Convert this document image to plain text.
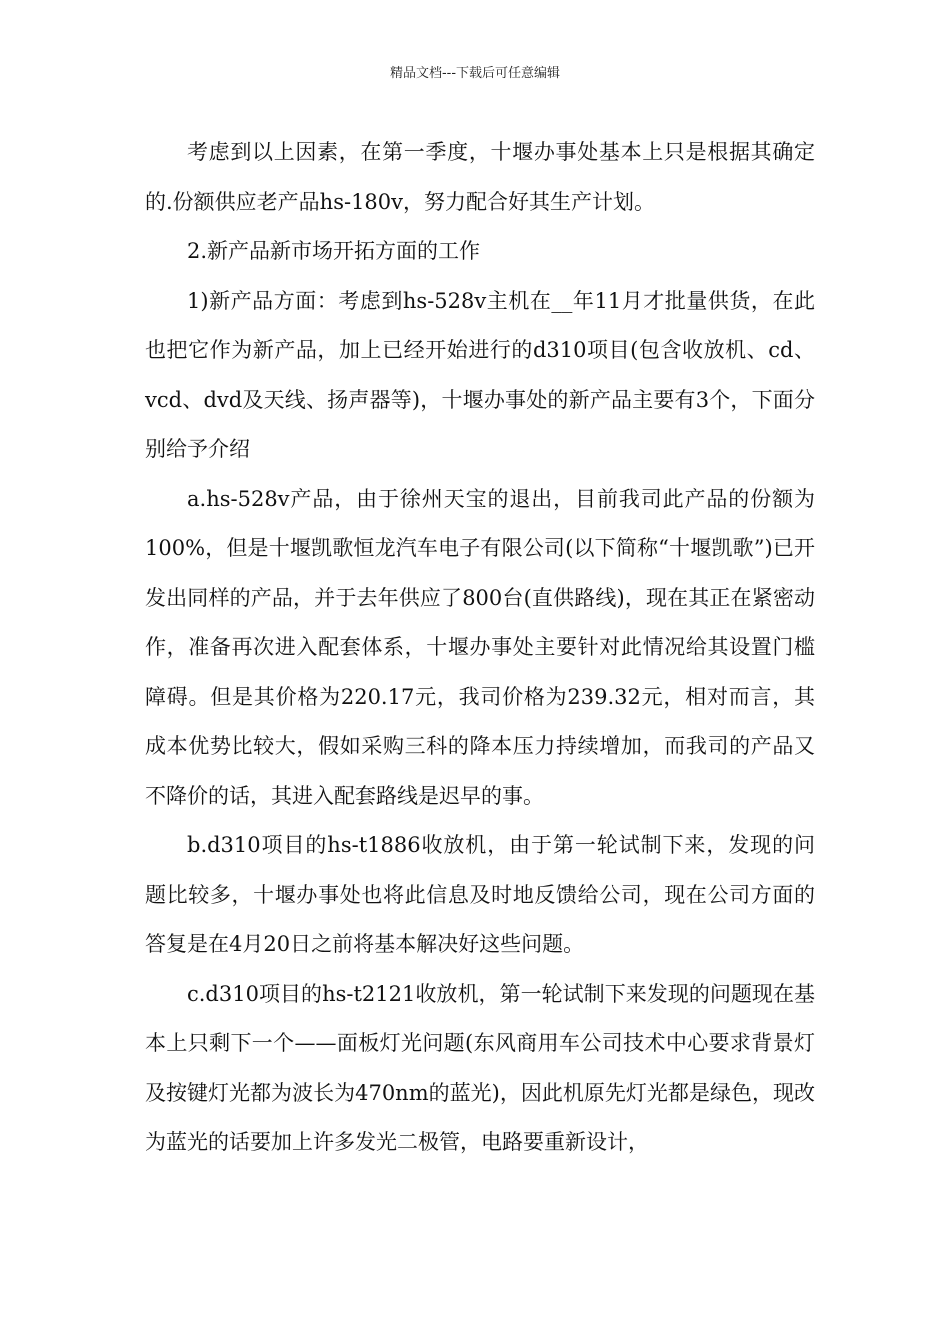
精品文档---下载后可任意编辑

考虑到以上因素，在第一季度，十堰办事处基本上只是根据其确定的.份额供应老产品hs-180v，努力配合好其生产计划。

2.新产品新市场开拓方面的工作

1)新产品方面：考虑到hs-528v主机在__年11月才批量供货，在此也把它作为新产品，加上已经开始进行的d310项目(包含收放机、cd、vcd、dvd及天线、扬声器等)，十堰办事处的新产品主要有3个，下面分别给予介绍

a.hs-528v产品，由于徐州天宝的退出，目前我司此产品的份额为100%，但是十堰凯歌恒龙汽车电子有限公司(以下简称“十堰凯歌”)已开发出同样的产品，并于去年供应了800台(直供路线)，现在其正在紧密动作，准备再次进入配套体系，十堰办事处主要针对此情况给其设置门槛障碍。但是其价格为220.17元，我司价格为239.32元，相对而言，其成本优势比较大，假如采购三科的降本压力持续增加，而我司的产品又不降价的话，其进入配套路线是迟早的事。

b.d310项目的hs-t1886收放机，由于第一轮试制下来，发现的问题比较多，十堰办事处也将此信息及时地反馈给公司，现在公司方面的答复是在4月20日之前将基本解决好这些问题。

c.d310项目的hs-t2121收放机，第一轮试制下来发现的问题现在基本上只剩下一个——面板灯光问题(东风商用车公司技术中心要求背景灯及按键灯光都为波长为470nm的蓝光)，因此机原先灯光都是绿色，现改为蓝光的话要加上许多发光二极管，电路要重新设计，
